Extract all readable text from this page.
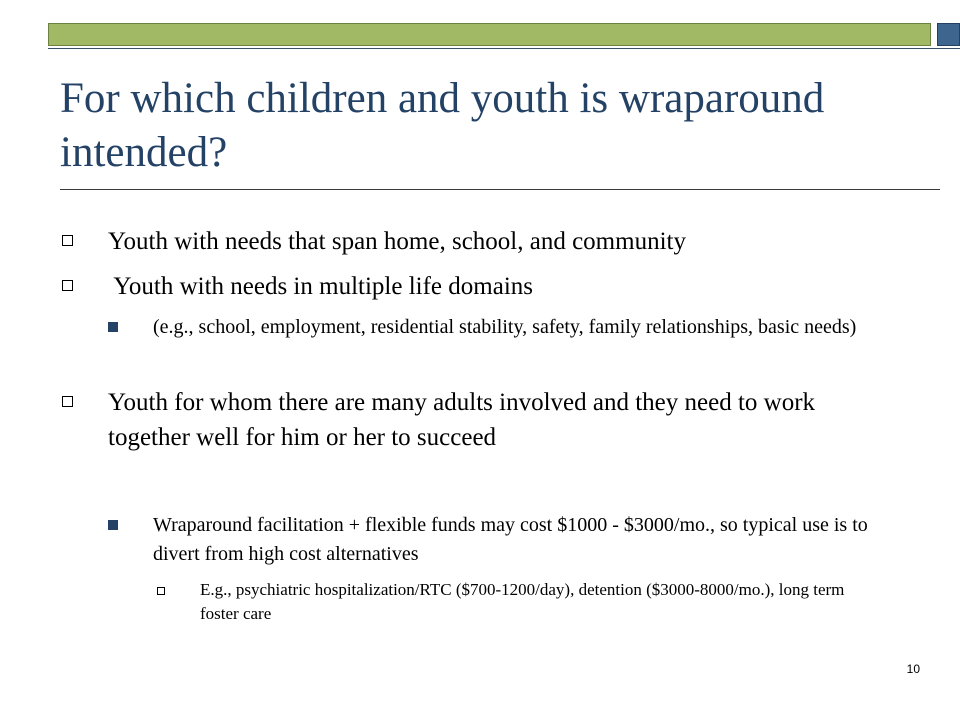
For which children and youth is wraparound intended?

Youth with needs that span home, school, and community

Youth with needs in multiple life domains

(e.g., school, employment, residential stability, safety, family relationships, basic needs)

Youth for whom there are many adults involved and they need to work together well for him or her to succeed

Wraparound facilitation + flexible funds may cost $1000 - $3000/mo., so typical use is to divert from high cost alternatives

E.g., psychiatric hospitalization/RTC ($700-1200/day), detention ($3000-8000/mo.), long term foster care

10
